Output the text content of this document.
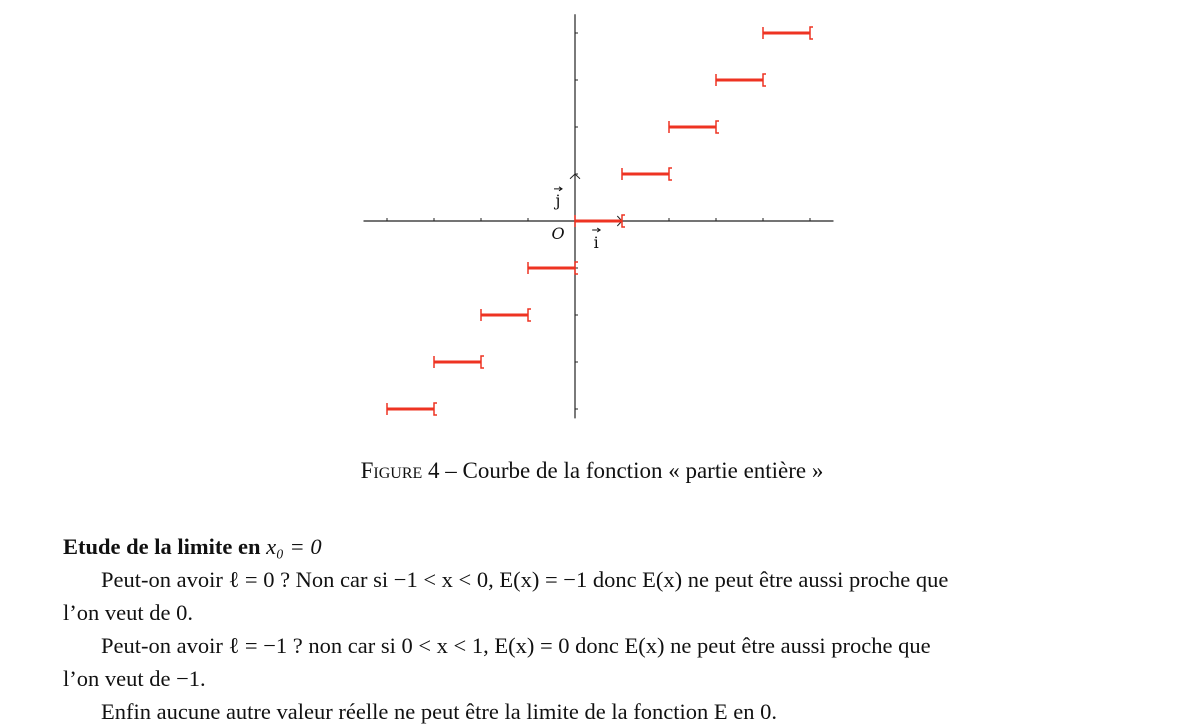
O i
j
Figure 4 – Courbe de la fonction « partie entière »

Etude de la limite en x₀ = 0

Peut-on avoir ℓ = 0 ? Non car si −1 < x < 0, E(x) = −1 donc E(x) ne peut être aussi proche que

l’on veut de 0.

Peut-on avoir ℓ = −1 ? non car si 0 < x < 1, E(x) = 0 donc E(x) ne peut être aussi proche que

l’on veut de −1.

Enfin aucune autre valeur réelle ne peut être la limite de la fonction E en 0.
